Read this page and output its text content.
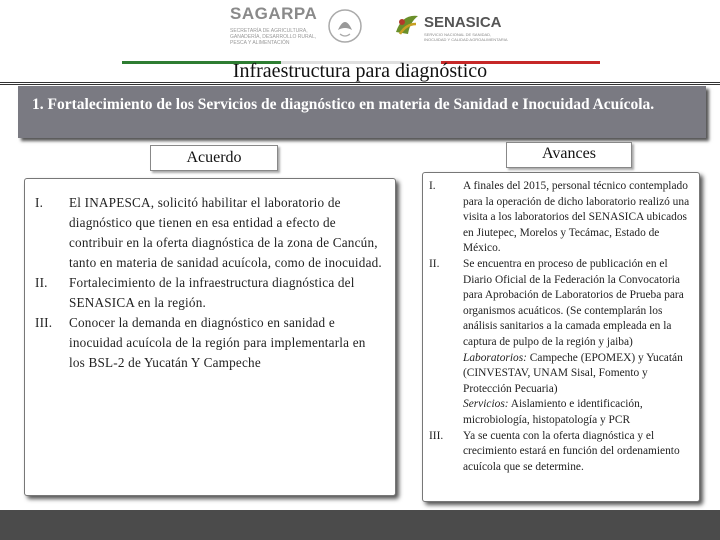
SAGARPA
SECRETARÍA DE AGRICULTURA, GANADERÍA, DESARROLLO RURAL, PESCA Y ALIMENTACIÓN
SENASICA
SERVICIO NACIONAL DE SANIDAD, INOCUIDAD Y CALIDAD AGROALIMENTARIA
Infraestructura para diagnóstico
1. Fortalecimiento de los Servicios de diagnóstico en materia de Sanidad e Inocuidad Acuícola.
Acuerdo	Avances
I.	El INAPESCA, solicitó habilitar el laboratorio de diagnóstico que tienen en esa entidad a efecto de contribuir en la oferta diagnóstica de la zona de Cancún, tanto en materia de sanidad acuícola, como de inocuidad.
II.	Fortalecimiento de la infraestructura diagnóstica del SENASICA en la región.
III.	Conocer la demanda en diagnóstico en sanidad e inocuidad acuícola de la región para implementarla en los BSL-2 de Yucatán Y Campeche
I.	A finales del 2015, personal técnico contemplado para la operación de dicho laboratorio realizó una visita a los laboratorios del SENASICA ubicados en Jiutepec, Morelos y Tecámac, Estado de México.
II.	Se encuentra en proceso de publicación en el Diario Oficial de la Federación la Convocatoria para Aprobación de Laboratorios de Prueba para organismos acuáticos. (Se contemplarán los análisis sanitarios a la camada empleada en la captura de pulpo de la región y jaiba)
Laboratorios: Campeche (EPOMEX) y Yucatán (CINVESTAV, UNAM Sisal, Fomento y Protección Pecuaria)
Servicios: Aislamiento e identificación, microbiología, histopatología y PCR
III.	Ya se cuenta con la oferta diagnóstica y el crecimiento estará en función del ordenamiento acuícola que se determine.
